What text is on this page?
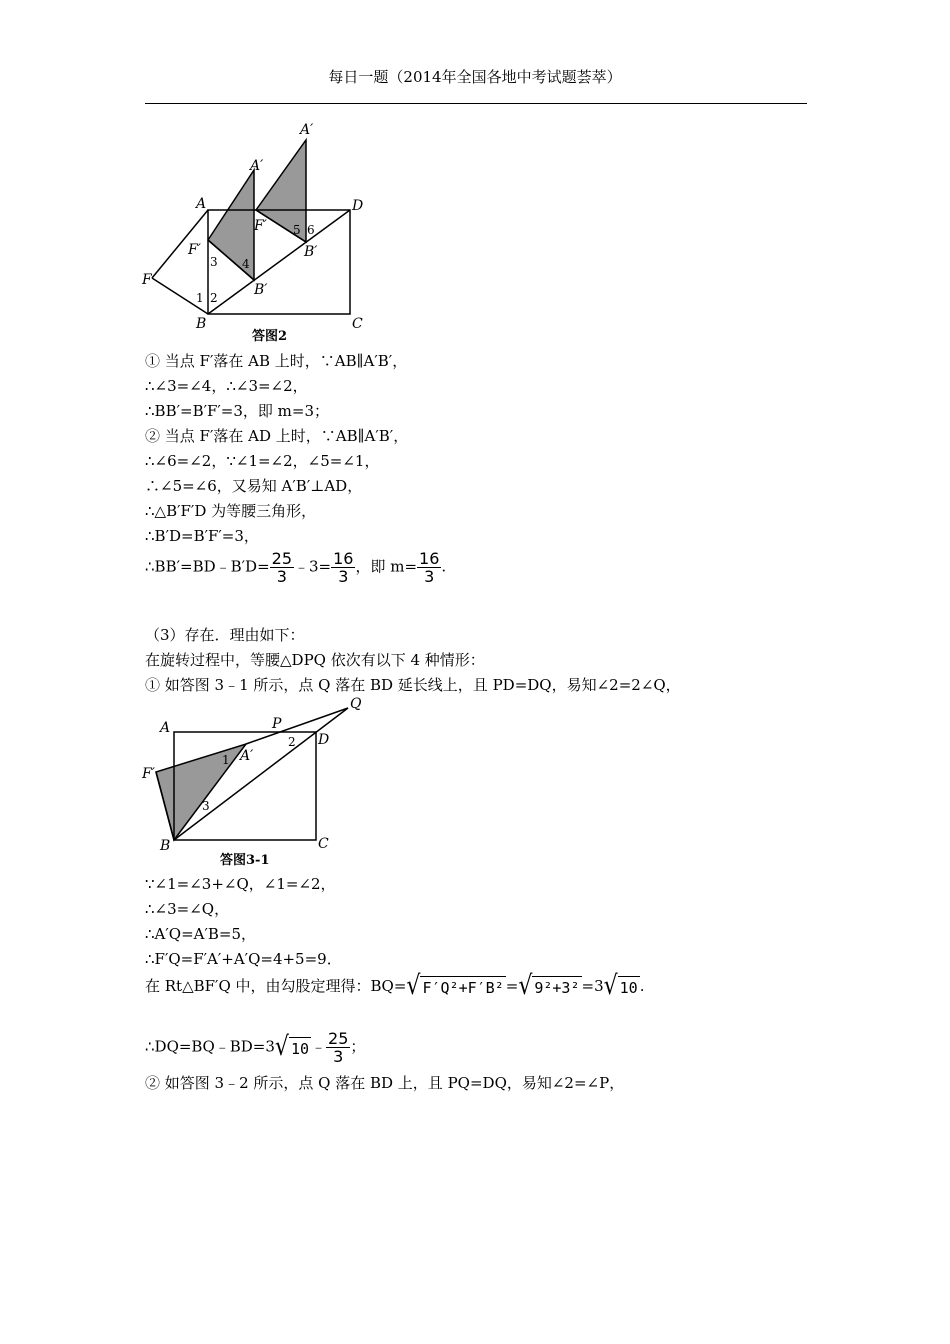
每日一题（2014年全国各地中考试题荟萃）
A
B	C
D
F
F′
F′
A′
A′
B′
B′
1 2
3 4
5 6
答图2
① 当点 F′落在 AB 上时，∵AB∥A′B′，
∴∠3=∠4，∴∠3=∠2，
∴BB′=B′F′=3，即 m=3；
② 当点 F′落在 AD 上时，∵AB∥A′B′，
∴∠6=∠2，∵∠1=∠2，∠5=∠1，
∴∠5=∠6，又易知 A′B′⊥AD，
∴△B′F′D 为等腰三角形，
∴B′D=B′F′=3，
∴BB′=BD﹣B′D= $\frac{25}{3}$ ﹣3= $\frac{16}{3}$ ，即 $m= \frac{16}{3}$ .
（3）存在．理由如下：
在旋转过程中，等腰△DPQ 依次有以下 4 种情形：
① 如答图 3﹣1 所示，点 Q 落在 BD 延长线上，且 PD=DQ，易知∠2=2∠Q，
A
B	C
D
P
Q
F′
A′
1
2
3
答图3-1
∵∠1=∠3+∠Q，∠1=∠2，
∴∠3=∠Q，
∴A′Q=A′B=5，
∴F′Q=F′A′+A′Q=4+5=9．
在 Rt△BF′Q 中，由勾股定理得：BQ=√ F′Q²+F′B² =√ 9²+3² =3√ 10 .
∴DQ=BQ﹣BD=3√ 10 ﹣ $\frac{25}{3}$ ；
② 如答图 3﹣2 所示，点 Q 落在 BD 上，且 PQ=DQ，易知∠2=∠P，
